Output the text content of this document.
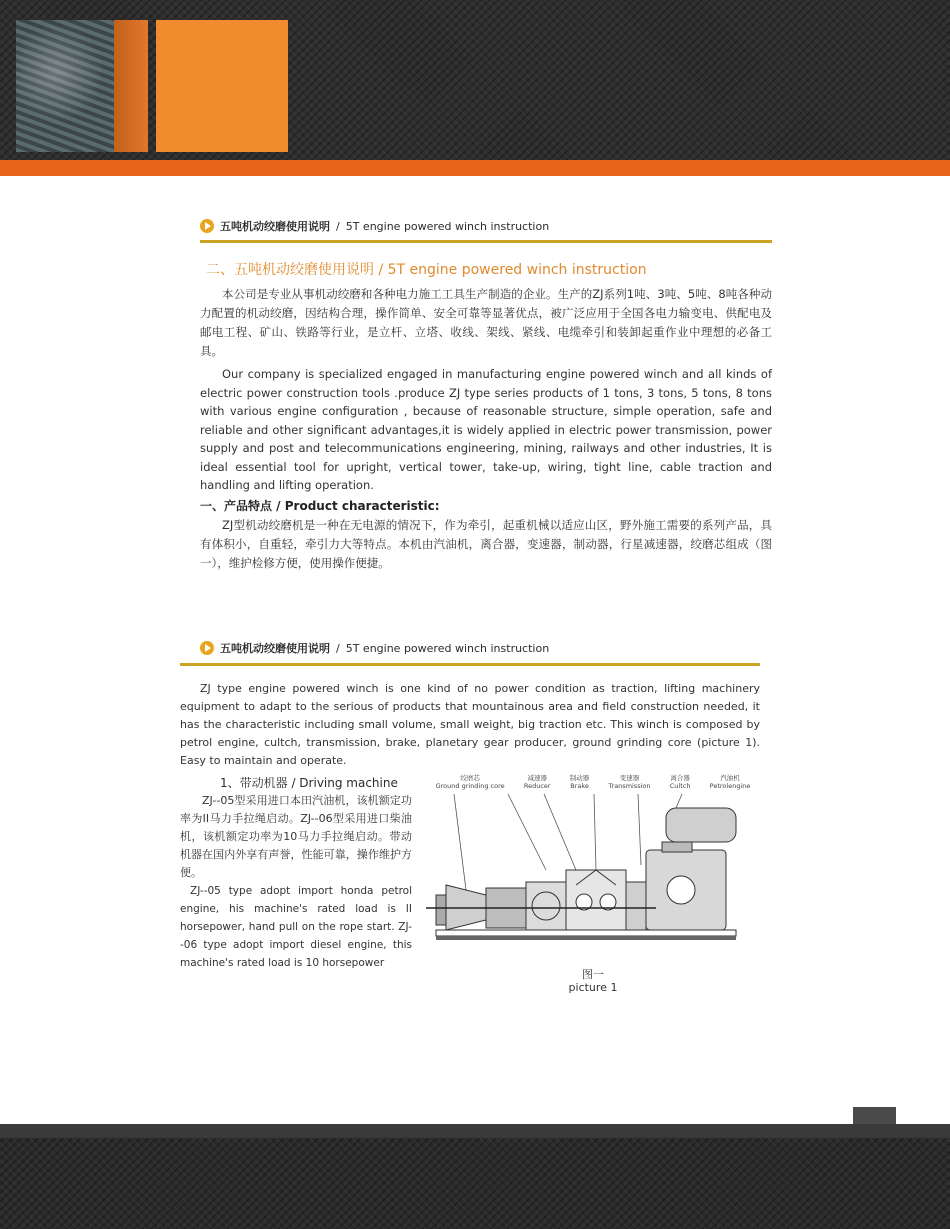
五吨机动绞磨使用说明 / 5T engine powered winch instruction
二、五吨机动绞磨使用说明 / 5T engine powered winch instruction

本公司是专业从事机动绞磨和各种电力施工工具生产制造的企业。生产的ZJ系列1吨、3吨、5吨、8吨各种动力配置的机动绞磨，因结构合理，操作简单、安全可靠等显著优点，被广泛应用于全国各电力输变电、供配电及邮电工程、矿山、铁路等行业，是立杆、立塔、收线、架线、紧线、电缆牵引和装卸起重作业中理想的必备工具。

Our company is specialized engaged in manufacturing engine powered winch and all kinds of electric power construction tools .produce ZJ type series products of 1 tons, 3 tons, 5 tons, 8 tons with various engine configuration , because of reasonable structure, simple operation, safe and reliable and other significant advantages,it is widely applied in electric power transmission, power supply and post and telecommunications engineering, mining, railways and other industries, It is ideal essential tool for upright, vertical tower, take-up, wiring, tight line, cable traction and handling and lifting operation.

一、产品特点 / Product characteristic:

ZJ型机动绞磨机是一种在无电源的情况下，作为牵引，起重机械以适应山区，野外施工需要的系列产品，具有体积小，自重轻，牵引力大等特点。本机由汽油机，离合器，变速器，制动器，行星减速器，绞磨芯组成（图一），维护检修方便，使用操作便捷。

五吨机动绞磨使用说明 / 5T engine powered winch instruction

ZJ type engine powered winch is one kind of no power condition as traction, lifting machinery equipment to adapt to the serious of products that mountainous area and field construction needed, it has the characteristic including small volume, small weight, big traction etc. This winch is composed by petrol engine, cultch, transmission, brake, planetary gear producer, ground grinding core (picture 1). Easy to maintain and operate.

1、带动机器 / Driving machine

ZJ--05型采用进口本田汽油机，该机额定功率为II马力手拉绳启动。ZJ--06型采用进口柴油机，该机额定功率为10马力手拉绳启动。带动机器在国内外享有声誉，性能可靠，操作维护方便。

ZJ--05 type adopt import honda petrol engine, his machine's rated load is II horsepower, hand pull on the rope start. ZJ--06 type adopt import diesel engine, this machine's rated load is 10 horsepower

绞磨芯
Ground grinding core
减速器
Reducer
制动器
Brake
变速器
Transmission
离合器
Cultch
汽油机
Petrolengine
图一
picture 1
